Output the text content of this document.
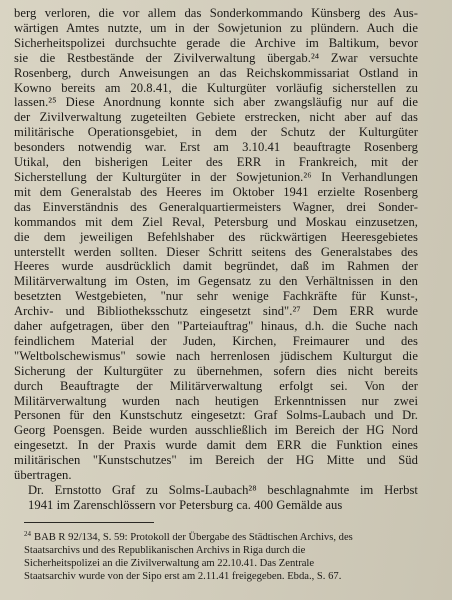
berg verloren, die vor allem das Sonderkommando Künsberg des Aus-
wärtigen Amtes nutzte, um in der Sowjetunion zu plündern. Auch die
Sicherheitspolizei durchsuchte gerade die Archive im Baltikum, bevor
sie die Restbestände der Zivilverwaltung übergab.²⁴ Zwar versuchte
Rosenberg, durch Anweisungen an das Reichskommissariat Ostland in
Kowno bereits am 20.8.41, die Kulturgüter vorläufig sicherstellen zu
lassen.²⁵ Diese Anordnung konnte sich aber zwangsläufig nur auf die
der Zivilverwaltung zugeteilten Gebiete erstrecken, nicht aber auf das
militärische Operationsgebiet, in dem der Schutz der Kulturgüter
besonders notwendig war. Erst am 3.10.41 beauftragte Rosenberg
Utikal, den bisherigen Leiter des ERR in Frankreich, mit der
Sicherstellung der Kulturgüter in der Sowjetunion.²⁶ In Verhandlungen
mit dem Generalstab des Heeres im Oktober 1941 erzielte Rosenberg
das Einverständnis des Generalquartiermeisters Wagner, drei Sonder-
kommandos mit dem Ziel Reval, Petersburg und Moskau einzusetzen,
die dem jeweiligen Befehlshaber des rückwärtigen Heeresgebietes
unterstellt werden sollten. Dieser Schritt seitens des Generalstabes des
Heeres wurde ausdrücklich damit begründet, daß im Rahmen der
Militärverwaltung im Osten, im Gegensatz zu den Verhältnissen in den
besetzten Westgebieten, "nur sehr wenige Fachkräfte für Kunst-,
Archiv- und Bibliotheksschutz eingesetzt sind".²⁷ Dem ERR wurde
daher aufgetragen, über den "Parteiauftrag" hinaus, d.h. die Suche nach
feindlichem Material der Juden, Kirchen, Freimaurer und des
"Weltbolschewismus" sowie nach herrenlosen jüdischem Kulturgut die
Sicherung der Kulturgüter zu übernehmen, sofern dies nicht bereits
durch Beauftragte der Militärverwaltung erfolgt sei. Von der
Militärverwaltung wurden nach heutigen Erkenntnissen nur zwei
Personen für den Kunstschutz eingesetzt: Graf Solms-Laubach und Dr.
Georg Poensgen. Beide wurden ausschließlich im Bereich der HG Nord
eingesetzt. In der Praxis wurde damit dem ERR die Funktion eines
militärischen "Kunstschutzes" im Bereich der HG Mitte und Süd
übertragen.

Dr. Ernstotto Graf zu Solms-Laubach²⁸ beschlagnahmte im Herbst
1941 im Zarenschlössern vor Petersburg ca. 400 Gemälde aus

$^{24}$ BAB R 92/134, S. 59: Protokoll der Übergabe des Städtischen Archivs, des
Staatsarchivs und des Republikanischen Archivs in Riga durch die
Sicherheitspolizei an die Zivilverwaltung am 22.10.41. Das Zentrale
Staatsarchiv wurde von der Sipo erst am 2.11.41 freigegeben. Ebda., S. 67.
